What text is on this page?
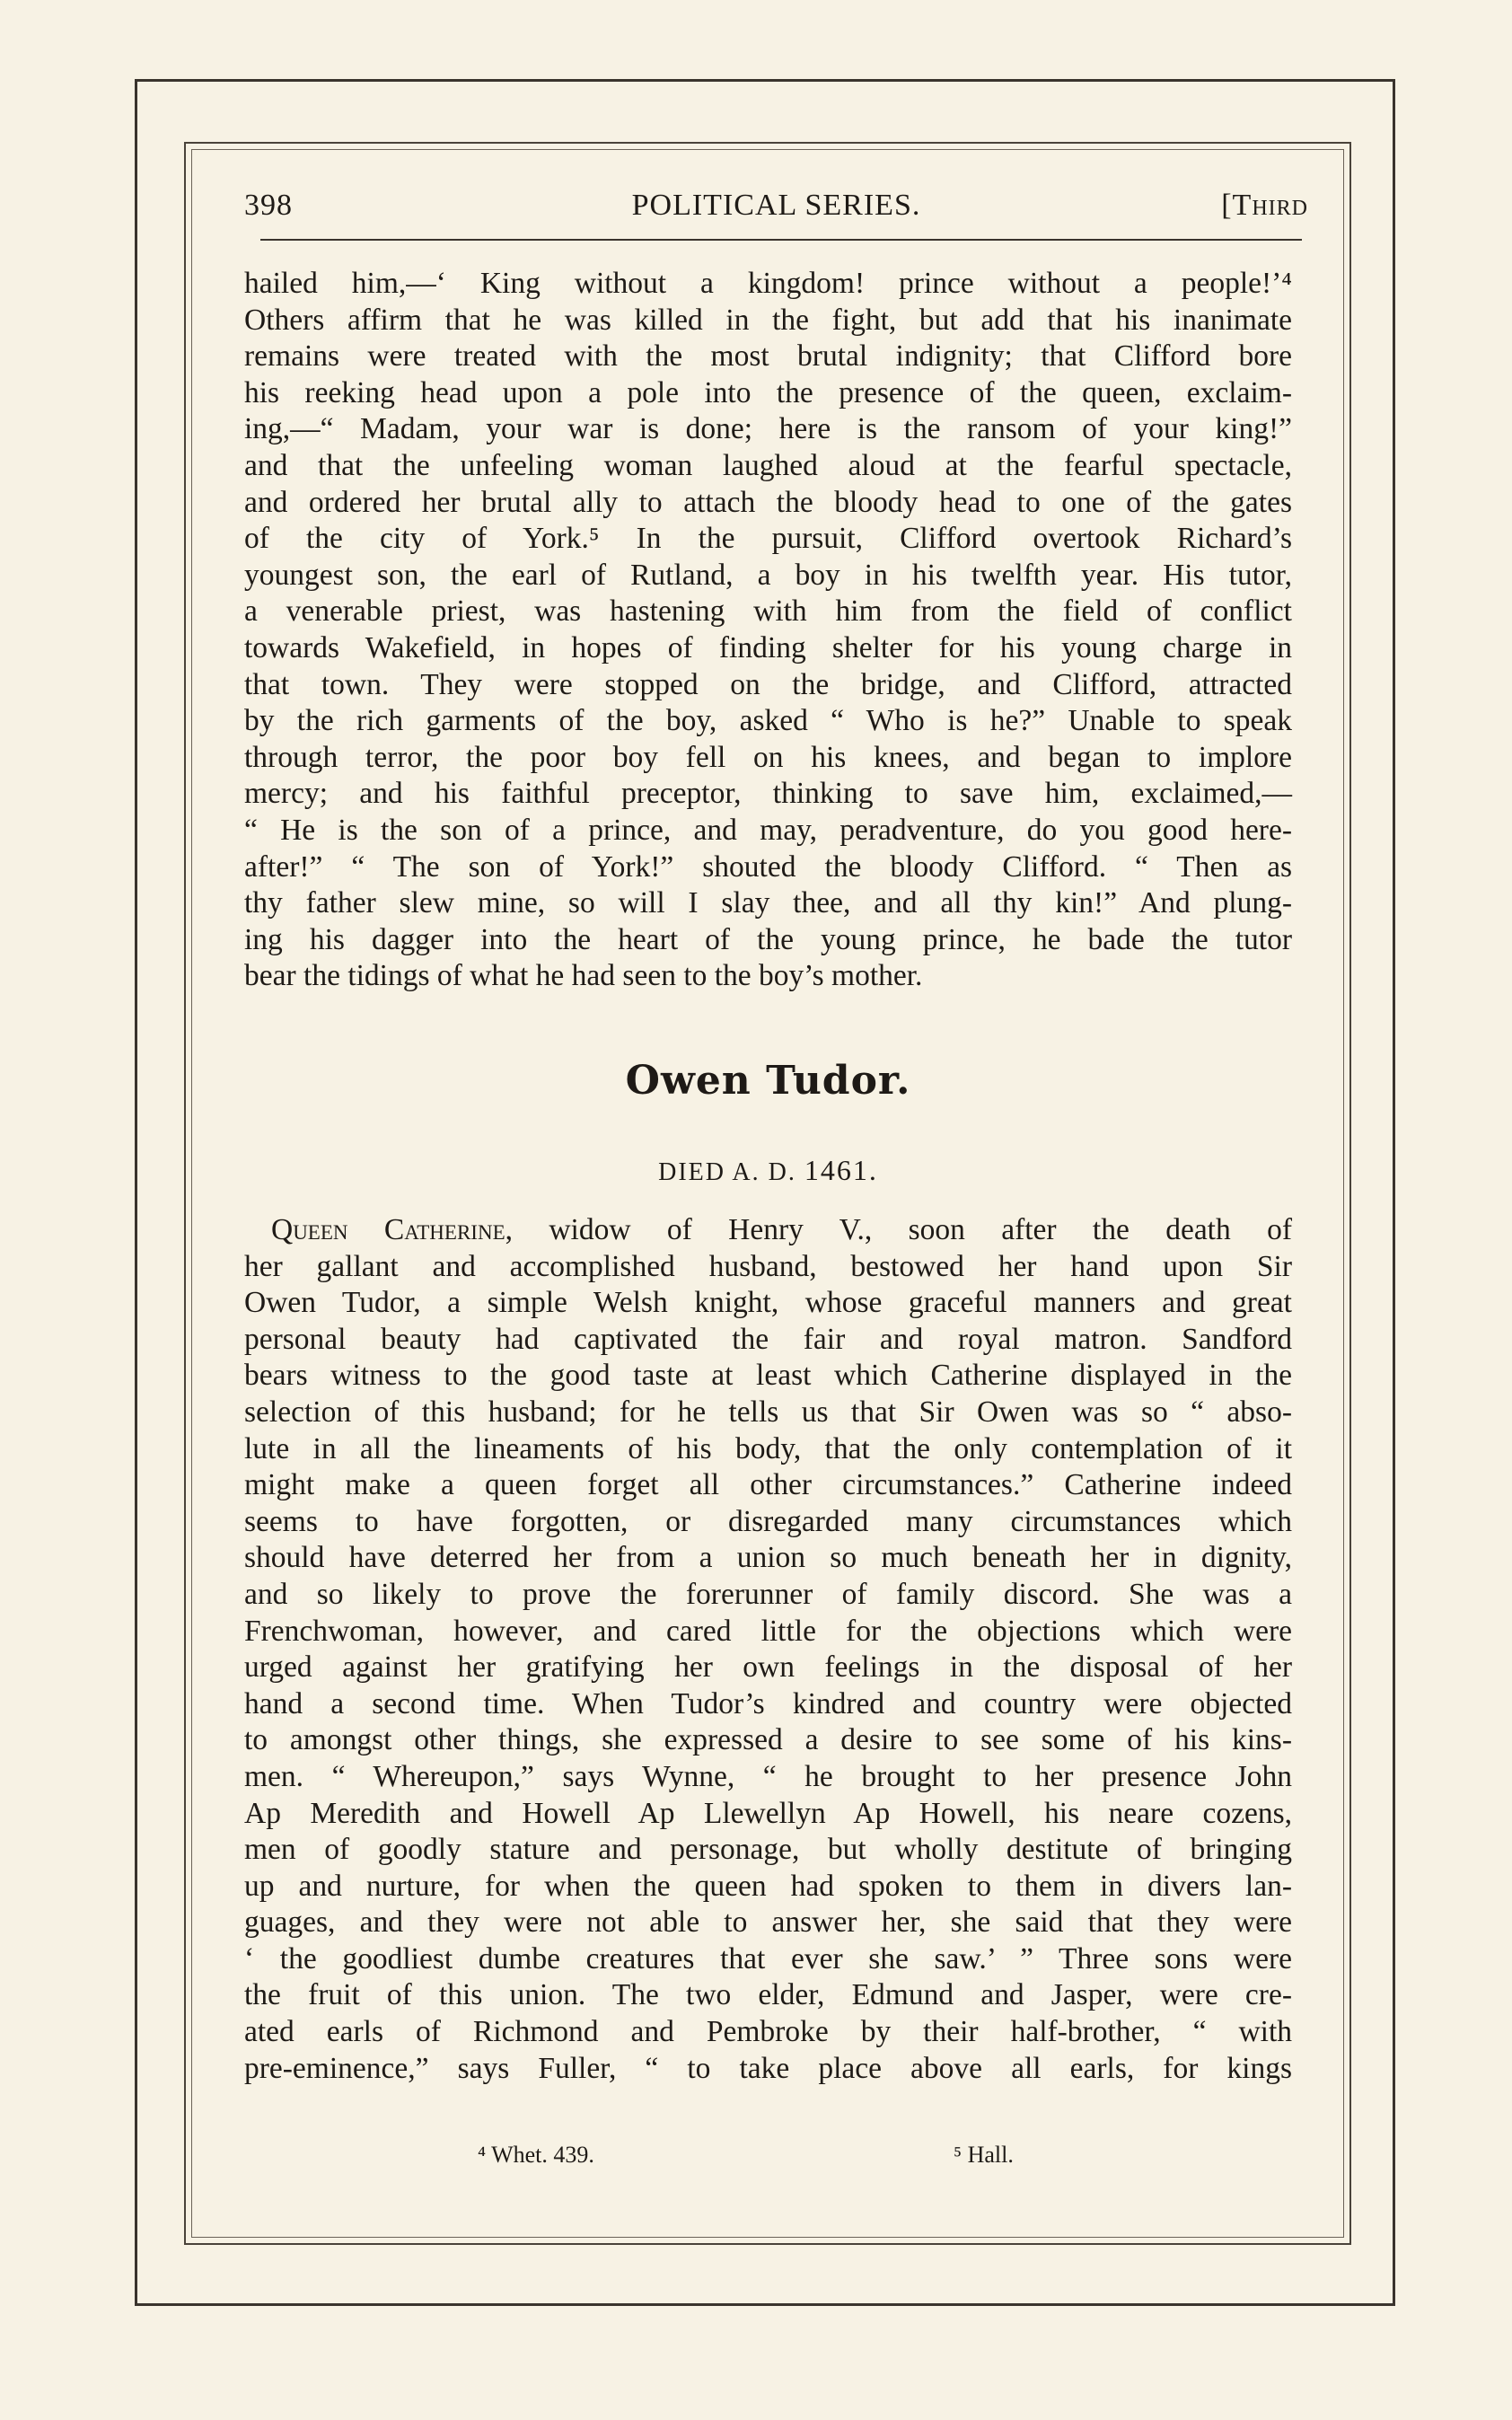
398	POLITICAL SERIES.	[Third
hailed him,—‘ King without a kingdom! prince without a people!’⁴
Others affirm that he was killed in the fight, but add that his inanimate
remains were treated with the most brutal indignity; that Clifford bore
his reeking head upon a pole into the presence of the queen, exclaim-
ing,—“ Madam, your war is done; here is the ransom of your king!”
and that the unfeeling woman laughed aloud at the fearful spectacle,
and ordered her brutal ally to attach the bloody head to one of the gates
of the city of York.⁵ In the pursuit, Clifford overtook Richard’s
youngest son, the earl of Rutland, a boy in his twelfth year. His tutor,
a venerable priest, was hastening with him from the field of conflict
towards Wakefield, in hopes of finding shelter for his young charge in
that town. They were stopped on the bridge, and Clifford, attracted
by the rich garments of the boy, asked “ Who is he?” Unable to speak
through terror, the poor boy fell on his knees, and began to implore
mercy; and his faithful preceptor, thinking to save him, exclaimed,—
“ He is the son of a prince, and may, peradventure, do you good here-
after!” “ The son of York!” shouted the bloody Clifford. “ Then as
thy father slew mine, so will I slay thee, and all thy kin!” And plung-
ing his dagger into the heart of the young prince, he bade the tutor
bear the tidings of what he had seen to the boy’s mother.
Owen Tudor.
DIED A. D. 1461.
Queen Catherine, widow of Henry V., soon after the death of
her gallant and accomplished husband, bestowed her hand upon Sir
Owen Tudor, a simple Welsh knight, whose graceful manners and great
personal beauty had captivated the fair and royal matron. Sandford
bears witness to the good taste at least which Catherine displayed in the
selection of this husband; for he tells us that Sir Owen was so “ abso-
lute in all the lineaments of his body, that the only contemplation of it
might make a queen forget all other circumstances.” Catherine indeed
seems to have forgotten, or disregarded many circumstances which
should have deterred her from a union so much beneath her in dignity,
and so likely to prove the forerunner of family discord. She was a
Frenchwoman, however, and cared little for the objections which were
urged against her gratifying her own feelings in the disposal of her
hand a second time. When Tudor’s kindred and country were objected
to amongst other things, she expressed a desire to see some of his kins-
men. “ Whereupon,” says Wynne, “ he brought to her presence John
Ap Meredith and Howell Ap Llewellyn Ap Howell, his neare cozens,
men of goodly stature and personage, but wholly destitute of bringing
up and nurture, for when the queen had spoken to them in divers lan-
guages, and they were not able to answer her, she said that they were
‘ the goodliest dumbe creatures that ever she saw.’ ” Three sons were
the fruit of this union. The two elder, Edmund and Jasper, were cre-
ated earls of Richmond and Pembroke by their half-brother, “ with
pre-eminence,” says Fuller, “ to take place above all earls, for kings
⁴ Whet. 439.	⁵ Hall.
